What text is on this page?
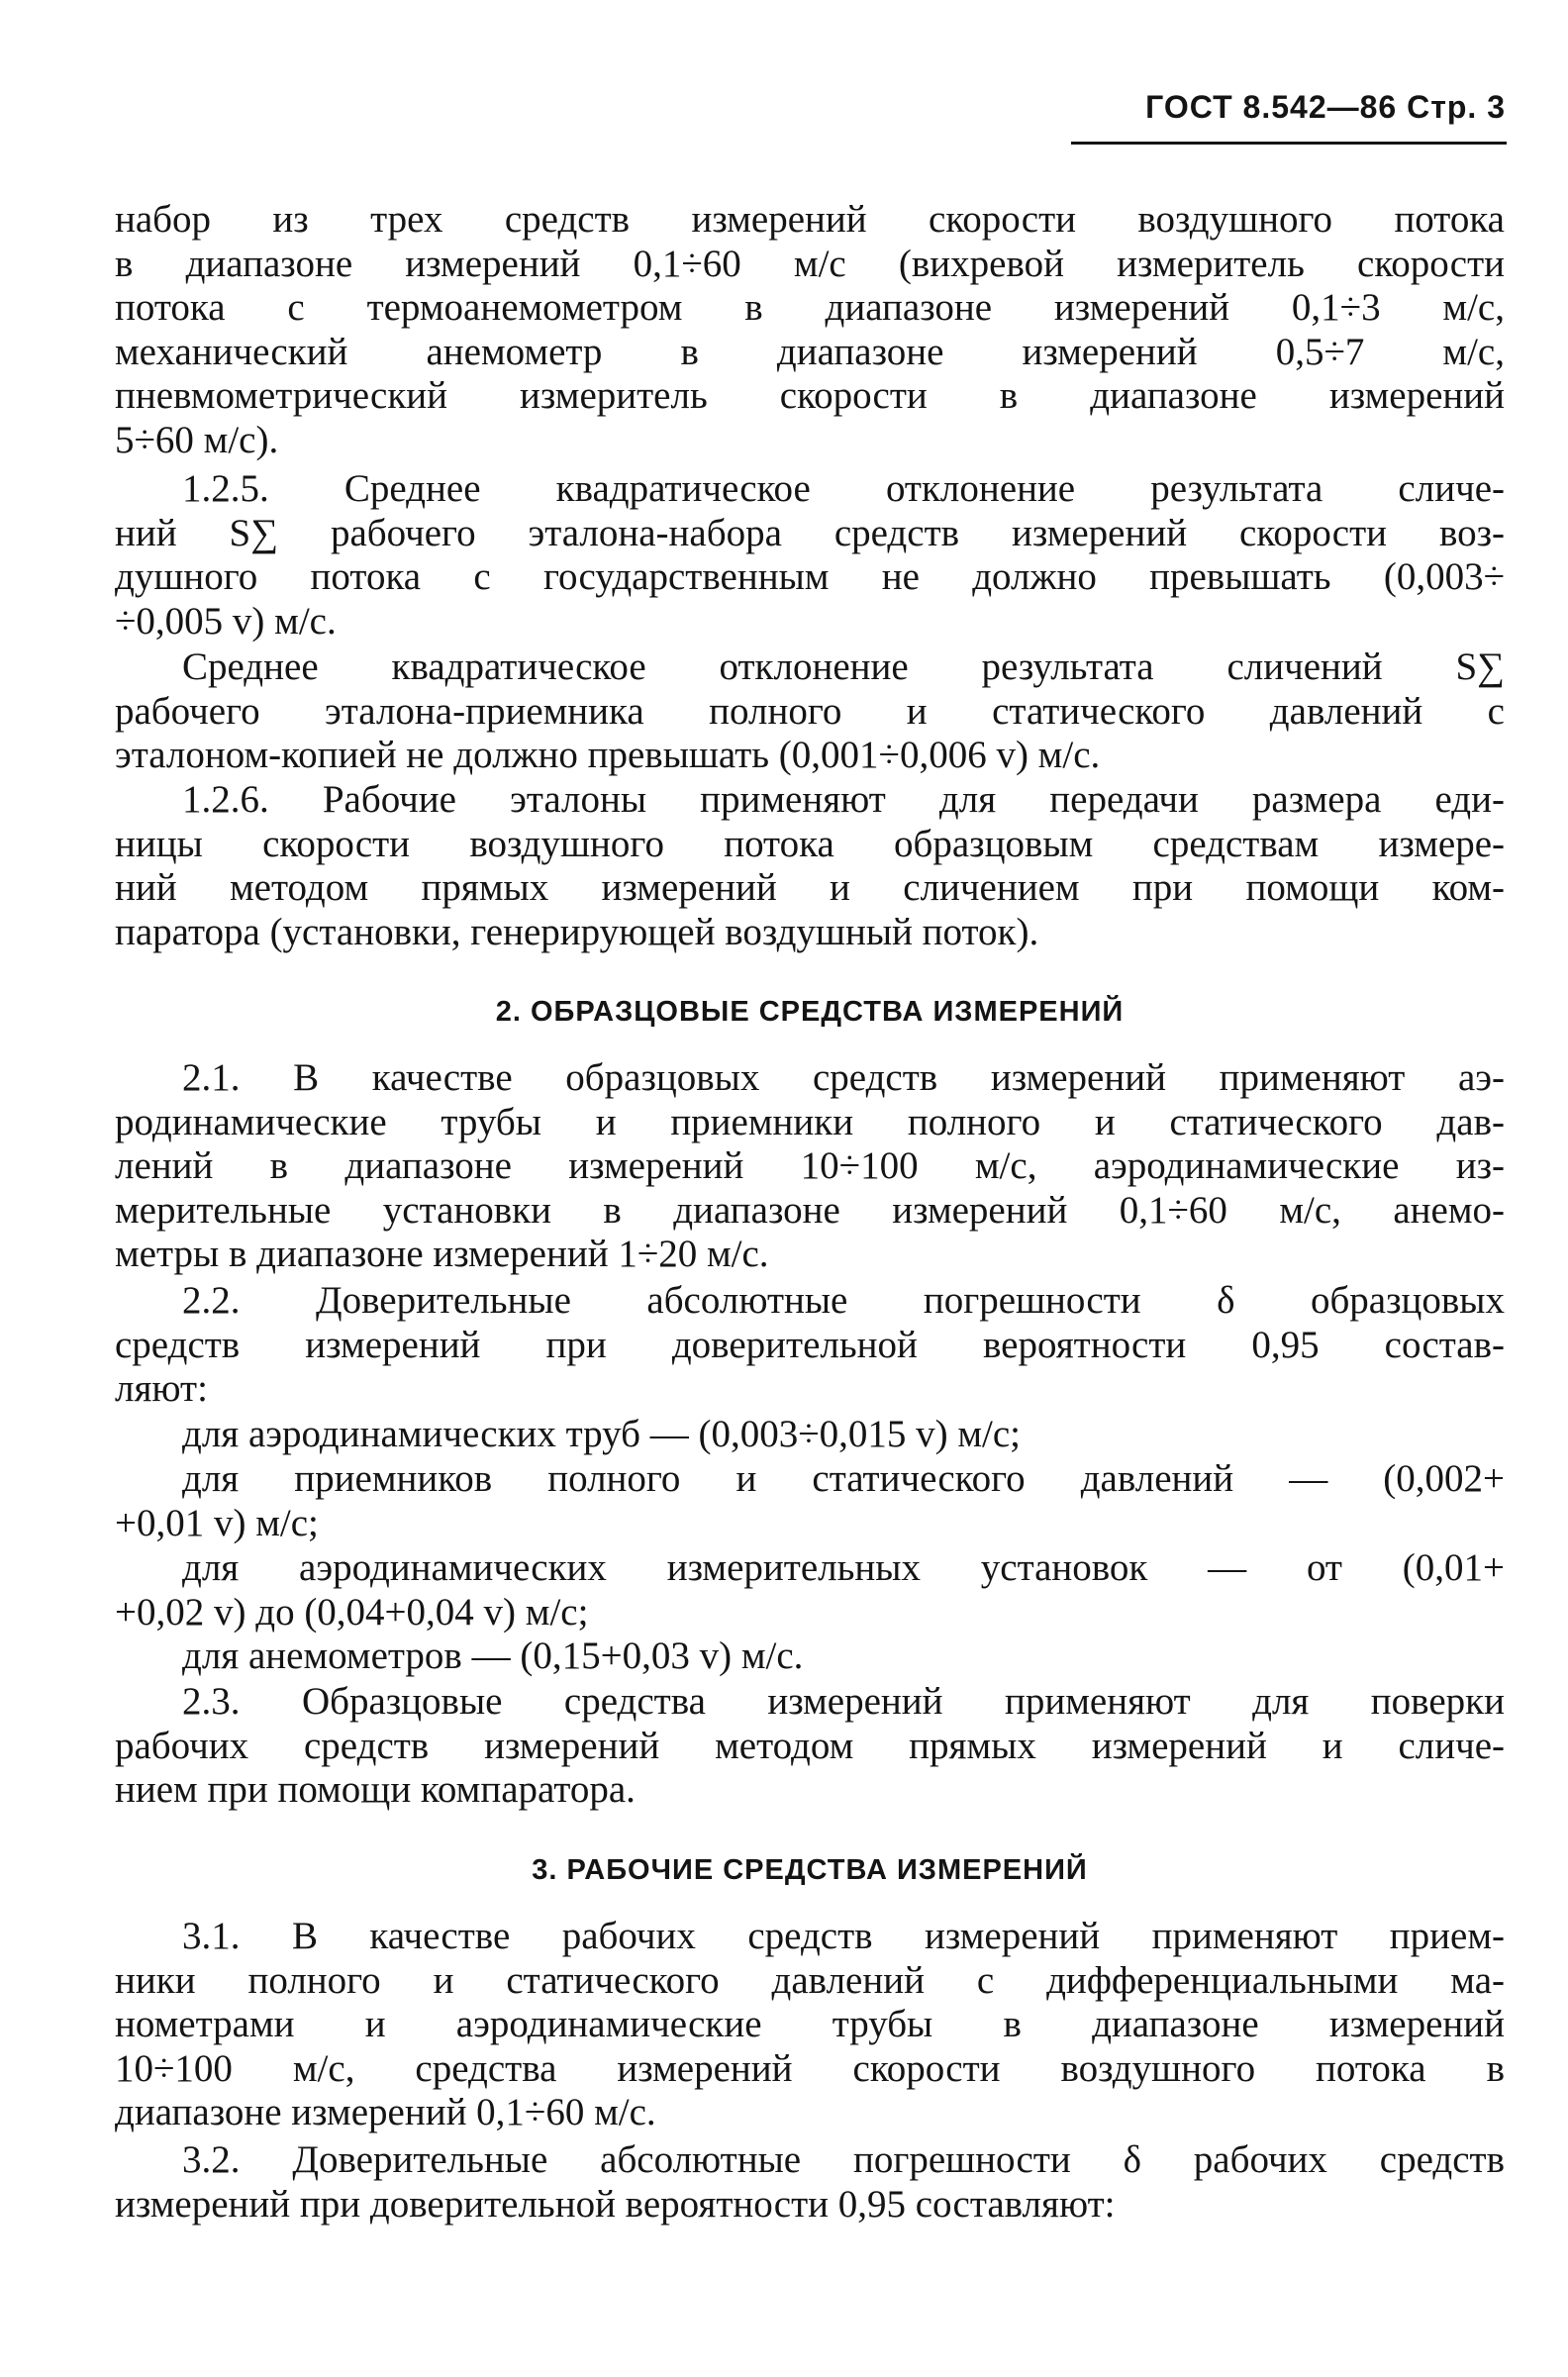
ГОСТ 8.542—86 Стр. 3

набор из трех средств измерений скорости воздушного потока
в диапазоне измерений 0,1÷60 м/с (вихревой измеритель скорости
потока с термоанемометром в диапазоне измерений 0,1÷3 м/с,
механический анемометр в диапазоне измерений 0,5÷7 м/с,
пневмометрический измеритель скорости в диапазоне измерений
5÷60 м/с).

1.2.5. Среднее квадратическое отклонение результата сличе-
ний S∑ рабочего эталона-набора средств измерений скорости воз-
душного потока с государственным не должно превышать (0,003÷
÷0,005 v) м/с.

Среднее квадратическое отклонение результата сличений S∑
рабочего эталона-приемника полного и статического давлений с
эталоном-копией не должно превышать (0,001÷0,006 v) м/с.

1.2.6. Рабочие эталоны применяют для передачи размера еди-
ницы скорости воздушного потока образцовым средствам измере-
ний методом прямых измерений и сличением при помощи ком-
паратора (установки, генерирующей воздушный поток).

2. ОБРАЗЦОВЫЕ СРЕДСТВА ИЗМЕРЕНИЙ

2.1. В качестве образцовых средств измерений применяют аэ-
родинамические трубы и приемники полного и статического дав-
лений в диапазоне измерений 10÷100 м/с, аэродинамические из-
мерительные установки в диапазоне измерений 0,1÷60 м/с, анемо-
метры в диапазоне измерений 1÷20 м/с.

2.2. Доверительные абсолютные погрешности δ образцовых
средств измерений при доверительной вероятности 0,95 состав-
ляют:

для аэродинамических труб — (0,003÷0,015 v) м/с;

для приемников полного и статического давлений — (0,002+
+0,01 v) м/с;

для аэродинамических измерительных установок — от (0,01+
+0,02 v) до (0,04+0,04 v) м/с;

для анемометров — (0,15+0,03 v) м/с.

2.3. Образцовые средства измерений применяют для поверки
рабочих средств измерений методом прямых измерений и сличе-
нием при помощи компаратора.

3. РАБОЧИЕ СРЕДСТВА ИЗМЕРЕНИЙ

3.1. В качестве рабочих средств измерений применяют прием-
ники полного и статического давлений с дифференциальными ма-
нометрами и аэродинамические трубы в диапазоне измерений
10÷100 м/с, средства измерений скорости воздушного потока в
диапазоне измерений 0,1÷60 м/с.

3.2. Доверительные абсолютные погрешности δ рабочих средств
измерений при доверительной вероятности 0,95 составляют:
